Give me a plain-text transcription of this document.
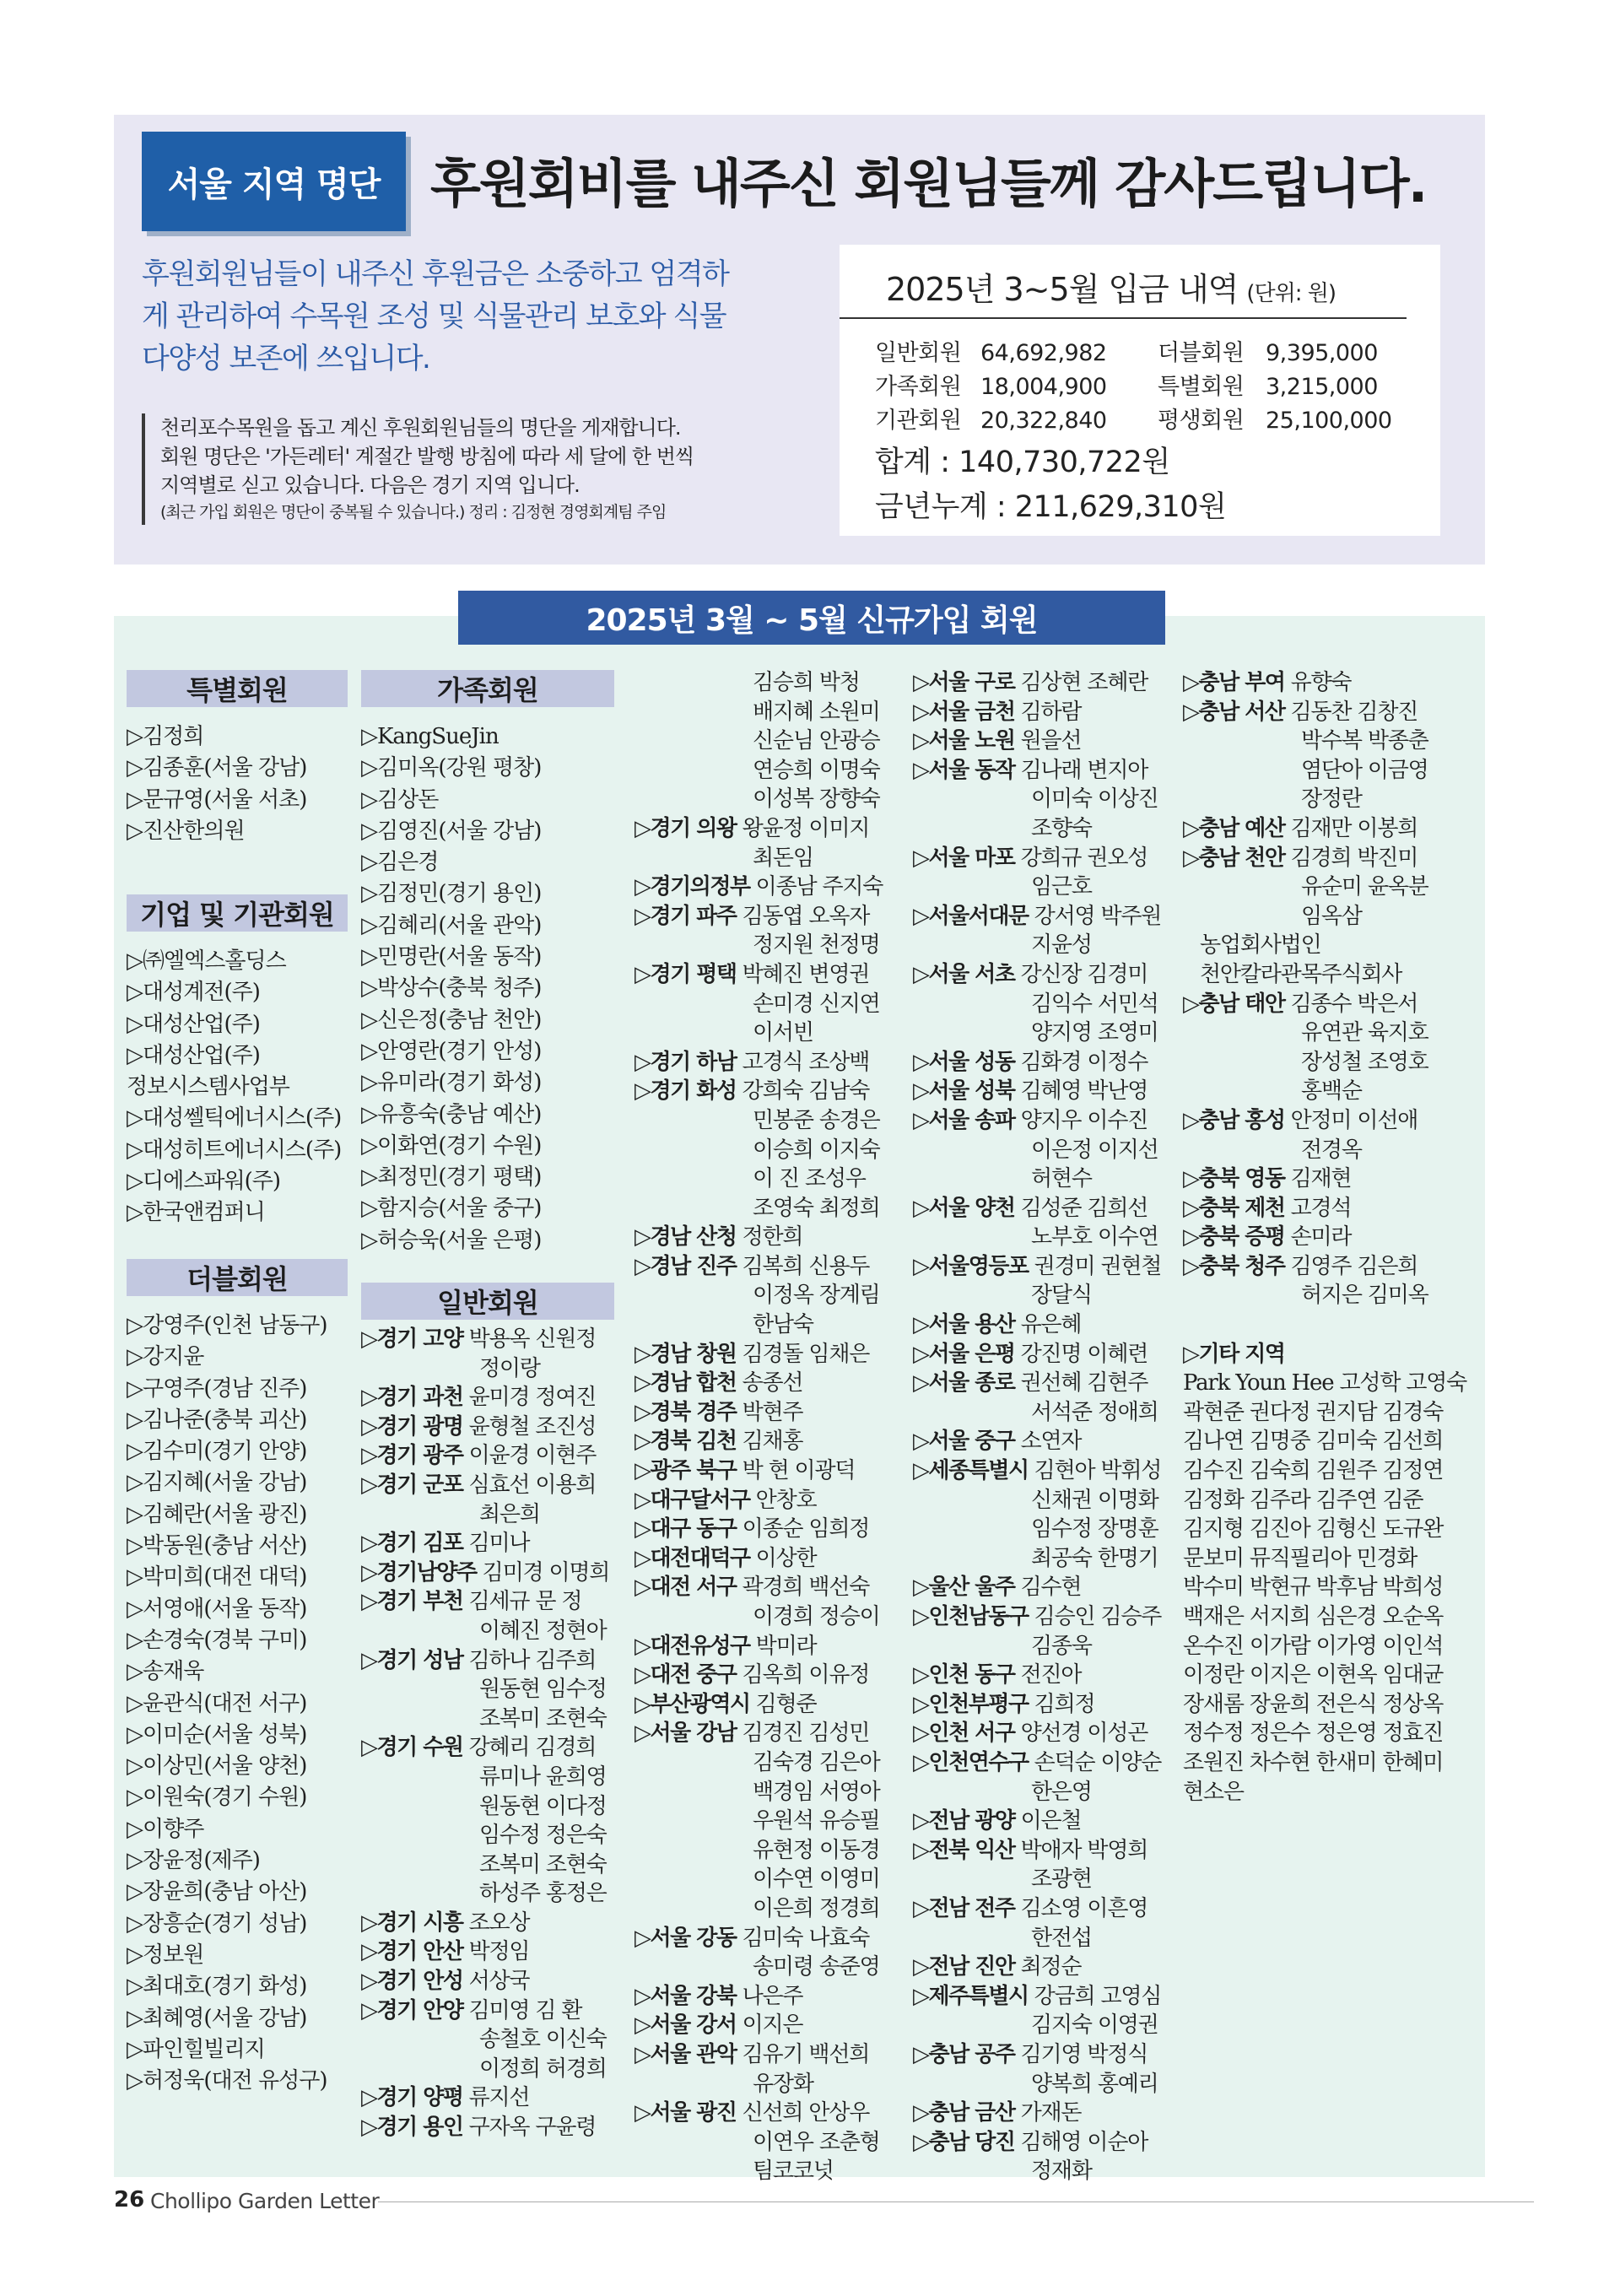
서울 지역 명단 후원회비를 내주신 회원님들께 감사드립니다.
후원회원님들이 내주신 후원금은 소중하고 엄격하
게 관리하여 수목원 조성 및 식물관리 보호와 식물
다양성 보존에 쓰입니다.
천리포수목원을 돕고 계신 후원회원님들의 명단을 게재합니다.
회원 명단은 '가든레터' 계절간 발행 방침에 따라 세 달에 한 번씩
지역별로 싣고 있습니다. 다음은 경기 지역 입니다.
(최근 가입 회원은 명단이 중복될 수 있습니다.) 정리 : 김정현 경영회계팀 주임
2025년 3~5월 입금 내역 (단위: 원)
일반회원 64,692,982 더블회원 9,395,000
가족회원 18,004,900 특별회원 3,215,000
기관회원 20,322,840 평생회원 25,100,000
합계 : 140,730,722원
금년누계 : 211,629,310원
2025년 3월 ~ 5월 신규가입 회원
특별회원
▷김정희
▷김종훈(서울 강남)
▷문규영(서울 서초)
▷진산한의원
기업 및 기관회원
▷㈜엘엑스홀딩스
▷대성계전(주)
▷대성산업(주)
▷대성산업(주)
정보시스템사업부
▷대성쎌틱에너시스(주)
▷대성히트에너시스(주)
▷디에스파워(주)
▷한국앤컴퍼니
더블회원
▷강영주(인천 남동구)
▷강지윤
▷구영주(경남 진주)
▷김나준(충북 괴산)
▷김수미(경기 안양)
▷김지혜(서울 강남)
▷김혜란(서울 광진)
▷박동원(충남 서산)
▷박미희(대전 대덕)
▷서영애(서울 동작)
▷손경숙(경북 구미)
▷송재욱
▷윤관식(대전 서구)
▷이미순(서울 성북)
▷이상민(서울 양천)
▷이원숙(경기 수원)
▷이향주
▷장윤정(제주)
▷장윤희(충남 아산)
▷장흥순(경기 성남)
▷정보원
▷최대호(경기 화성)
▷최혜영(서울 강남)
▷파인힐빌리지
▷허정욱(대전 유성구)
가족회원
▷KangSueJin
▷김미옥(강원 평창)
▷김상돈
▷김영진(서울 강남)
▷김은경
▷김정민(경기 용인)
▷김혜리(서울 관악)
▷민명란(서울 동작)
▷박상수(충북 청주)
▷신은정(충남 천안)
▷안영란(경기 안성)
▷유미라(경기 화성)
▷유흥숙(충남 예산)
▷이화연(경기 수원)
▷최정민(경기 평택)
▷함지승(서울 중구)
▷허승욱(서울 은평)
일반회원
▷경기 고양 박용옥 신원정
정이랑
▷경기 과천 윤미경 정여진
▷경기 광명 윤형철 조진성
▷경기 광주 이윤경 이현주
▷경기 군포 심효선 이용희
최은희
▷경기 김포 김미나
▷경기남양주 김미경 이명희
▷경기 부천 김세규 문 정
이혜진 정현아
▷경기 성남 김하나 김주희
원동현 임수정
조복미 조현숙
▷경기 수원 강혜리 김경희
류미나 윤희영
원동현 이다정
임수정 정은숙
조복미 조현숙
하성주 홍정은
▷경기 시흥 조오상
▷경기 안산 박정임
▷경기 안성 서상국
▷경기 안양 김미영 김 환
송철호 이신숙
이정희 허경희
▷경기 양평 류지선
▷경기 용인 구자옥 구윤령
김승희 박청
배지혜 소원미
신순님 안광승
연승희 이명숙
이성복 장향숙
▷경기 의왕 왕윤정 이미지
최돈임
▷경기의정부 이종남 주지숙
▷경기 파주 김동엽 오옥자
정지원 천정명
▷경기 평택 박혜진 변영권
손미경 신지연
이서빈
▷경기 하남 고경식 조상백
▷경기 화성 강희숙 김남숙
민봉준 송경은
이승희 이지숙
이 진 조성우
조영숙 최정희
▷경남 산청 정한희
▷경남 진주 김복희 신용두
이정옥 장계림
한남숙
▷경남 창원 김경돌 임채은
▷경남 합천 송종선
▷경북 경주 박현주
▷경북 김천 김채홍
▷광주 북구 박 현 이광덕
▷대구달서구 안창호
▷대구 동구 이종순 임희정
▷대전대덕구 이상한
▷대전 서구 곽경희 백선숙
이경희 정승이
▷대전유성구 박미라
▷대전 중구 김옥희 이유정
▷부산광역시 김형준
▷서울 강남 김경진 김성민
김숙경 김은아
백경임 서영아
우원석 유승필
유현정 이동경
이수연 이영미
이은희 정경희
▷서울 강동 김미숙 나효숙
송미령 송준영
▷서울 강북 나은주
▷서울 강서 이지은
▷서울 관악 김유기 백선희
유장화
▷서울 광진 신선희 안상우
이연우 조춘형
팀코코넛
▷서울 구로 김상현 조혜란
▷서울 금천 김하람
▷서울 노원 원을선
▷서울 동작 김나래 변지아
이미숙 이상진
조향숙
▷서울 마포 강희규 권오성
임근호
▷서울서대문 강서영 박주원
지윤성
▷서울 서초 강신장 김경미
김익수 서민석
양지영 조영미
▷서울 성동 김화경 이정수
▷서울 성북 김혜영 박난영
▷서울 송파 양지우 이수진
이은정 이지선
허현수
▷서울 양천 김성준 김희선
노부호 이수연
▷서울영등포 권경미 권현철
장달식
▷서울 용산 유은혜
▷서울 은평 강진명 이혜련
▷서울 종로 권선혜 김현주
서석준 정애희
▷서울 중구 소연자
▷세종특별시 김현아 박휘성
신채권 이명화
임수정 장명훈
최공숙 한명기
▷울산 울주 김수현
▷인천남동구 김승인 김승주
김종욱
▷인천 동구 전진아
▷인천부평구 김희정
▷인천 서구 양선경 이성곤
▷인천연수구 손덕순 이양순
한은영
▷전남 광양 이은철
▷전북 익산 박애자 박영희
조광현
▷전남 전주 김소영 이흔영
한전섭
▷전남 진안 최정순
▷제주특별시 강금희 고영심
김지숙 이영권
▷충남 공주 김기영 박정식
양복희 홍예리
▷충남 금산 가재돈
▷충남 당진 김해영 이순아
정재화
▷충남 부여 유향숙
▷충남 서산 김동찬 김창진
박수복 박종춘
염단아 이금영
장정란
▷충남 예산 김재만 이봉희
▷충남 천안 김경희 박진미
유순미 윤옥분
임옥삼
농업회사법인
천안칼라관목주식회사
▷충남 태안 김종수 박은서
유연관 육지호
장성철 조영호
홍백순
▷충남 홍성 안정미 이선애
전경옥
▷충북 영동 김재현
▷충북 제천 고경석
▷충북 증평 손미라
▷충북 청주 김영주 김은희
허지은 김미옥

▷기타 지역
Park Youn Hee 고성학 고영숙
곽현준 권다정 권지담 김경숙
김나연 김명중 김미숙 김선희
김수진 김숙희 김원주 김정연
김정화 김주라 김주연 김준
김지형 김진아 김형신 도규완
문보미 뮤직필리아 민경화
박수미 박현규 박후남 박희성
백재은 서지희 심은경 오순옥
온수진 이가람 이가영 이인석
이정란 이지은 이현옥 임대균
장새롬 장윤희 전은식 정상옥
정수정 정은수 정은영 정효진
조원진 차수현 한새미 한혜미
현소은
26 Chollipo Garden Letter
